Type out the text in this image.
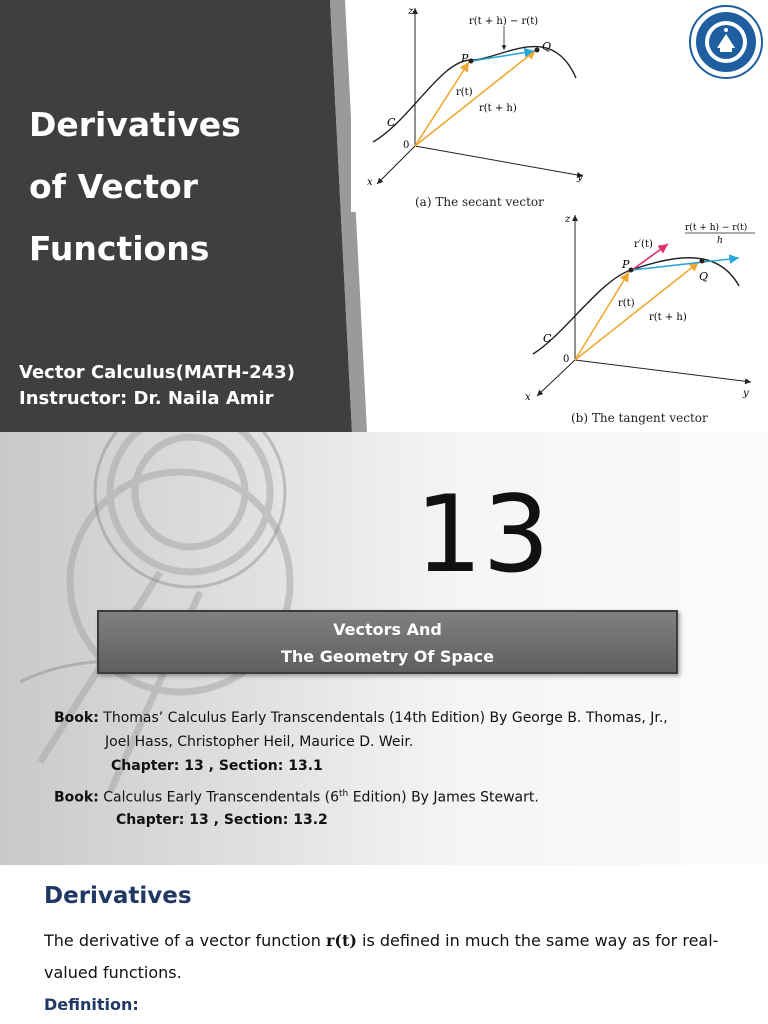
Derivatives
of Vector
Functions
Vector Calculus(MATH-243)
Instructor: Dr. Naila Amir
z
x	y
0
C
P
Q
r(t)
r(t + h)
r(t + h) − r(t)
(a) The secant vector
z
x	y
0
C
P
Q
r(t)
r(t + h)
r′(t)
r(t + h) − r(t)
h
(b) The tangent vector
13
Vectors And
The Geometry Of Space
Book: Thomas’ Calculus Early Transcendentals (14th Edition) By George B. Thomas, Jr.,
Joel Hass, Christopher Heil, Maurice D. Weir.
Chapter: 13 , Section: 13.1
Book: Calculus Early Transcendentals (6th Edition) By James Stewart.
Chapter: 13 , Section: 13.2
Derivatives
The derivative of a vector function r(t) is defined in much the same way as for real-valued functions.
Definition:
